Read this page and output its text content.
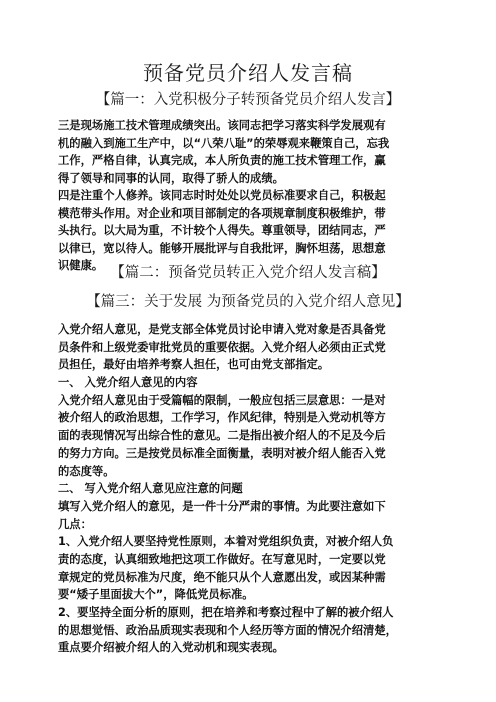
预备党员介绍人发言稿
【篇一：入党积极分子转预备党员介绍人发言】
三是现场施工技术管理成绩突出。该同志把学习落实科学发展观有
机的融入到施工生产中，以“八荣八耻”的荣辱观来鞭策自己，忘我
工作，严格自律，认真完成，本人所负责的施工技术管理工作，赢
得了领导和同事的认同，取得了骄人的成绩。
四是注重个人修养。该同志时时处处以党员标准要求自己，积极起
模范带头作用。对企业和项目部制定的各项规章制度积极维护，带
头执行。以大局为重，不计较个人得失。尊重领导，团结同志，严
以律已，宽以待人。能够开展批评与自我批评，胸怀坦荡，思想意
识健康。 【篇二：预备党员转正入党介绍人发言稿】
【篇三：关于发展 为预备党员的入党介绍人意见】
入党介绍人意见，是党支部全体党员讨论申请入党对象是否具备党
员条件和上级党委审批党员的重要依据。入党介绍人必须由正式党
员担任，最好由培养考察人担任，也可由党支部指定。
一、 入党介绍人意见的内容
入党介绍人意见由于受篇幅的限制，一般应包括三层意思：一是对
被介绍人的政治思想，工作学习，作风纪律，特别是入党动机等方
面的表现情况写出综合性的意见。二是指出被介绍人的不足及今后
的努力方向。三是按党员标准全面衡量，表明对被介绍人能否入党
的态度等。
二、 写入党介绍人意见应注意的问题
填写入党介绍人的意见，是一件十分严肃的事情。为此要注意如下
几点：
1、入党介绍人要坚持党性原则，本着对党组织负责，对被介绍人负
责的态度，认真细致地把这项工作做好。在写意见时，一定要以党
章规定的党员标准为尺度，绝不能只从个人意愿出发，或因某种需
要“矮子里面拔大个”，降低党员标准。
2、要坚持全面分析的原则，把在培养和考察过程中了解的被介绍人
的思想觉悟、政治品质现实表现和个人经历等方面的情况介绍清楚，
重点要介绍被介绍人的入党动机和现实表现。
